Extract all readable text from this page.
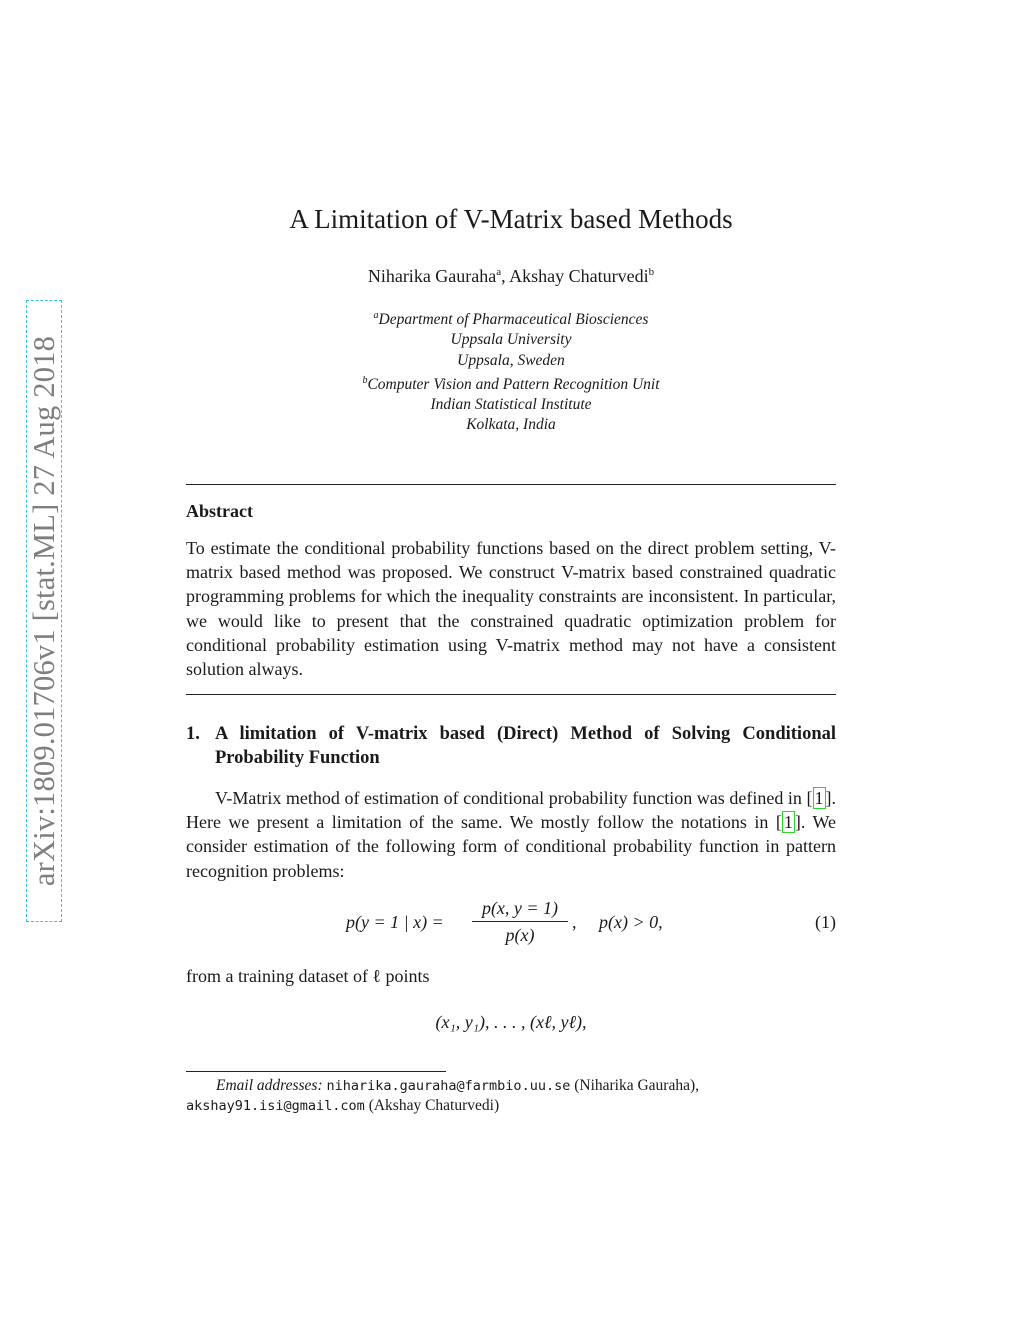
arXiv:1809.01706v1 [stat.ML] 27 Aug 2018
A Limitation of V-Matrix based Methods
Niharika Gauraha$^a$, Akshay Chaturvedi$^b$
$^a$Department of Pharmaceutical Biosciences
Uppsala University
Uppsala, Sweden
$^b$Computer Vision and Pattern Recognition Unit
Indian Statistical Institute
Kolkata, India
Abstract
To estimate the conditional probability functions based on the direct problem setting, V-matrix based method was proposed. We construct V-matrix based constrained quadratic programming problems for which the inequality constraints are inconsistent. In particular, we would like to present that the constrained quadratic optimization problem for conditional probability estimation using V-matrix method may not have a consistent solution always.
1. A limitation of V-matrix based (Direct) Method of Solving Conditional Probability Function
V-Matrix method of estimation of conditional probability function was defined in [ 1 ]. Here we present a limitation of the same. We mostly follow the notations in [ 1 ]. We consider estimation of the following form of conditional probability function in pattern recognition problems:
p(y = 1 | x) =
p(x, y = 1)
p(x)
,     p(x) > 0,	(1)
from a training dataset of ℓ points
(x₁, y₁), . . . , (xℓ, yℓ),
Email addresses: niharika.gauraha@farmbio.uu.se (Niharika Gauraha),
akshay91.isi@gmail.com (Akshay Chaturvedi)
